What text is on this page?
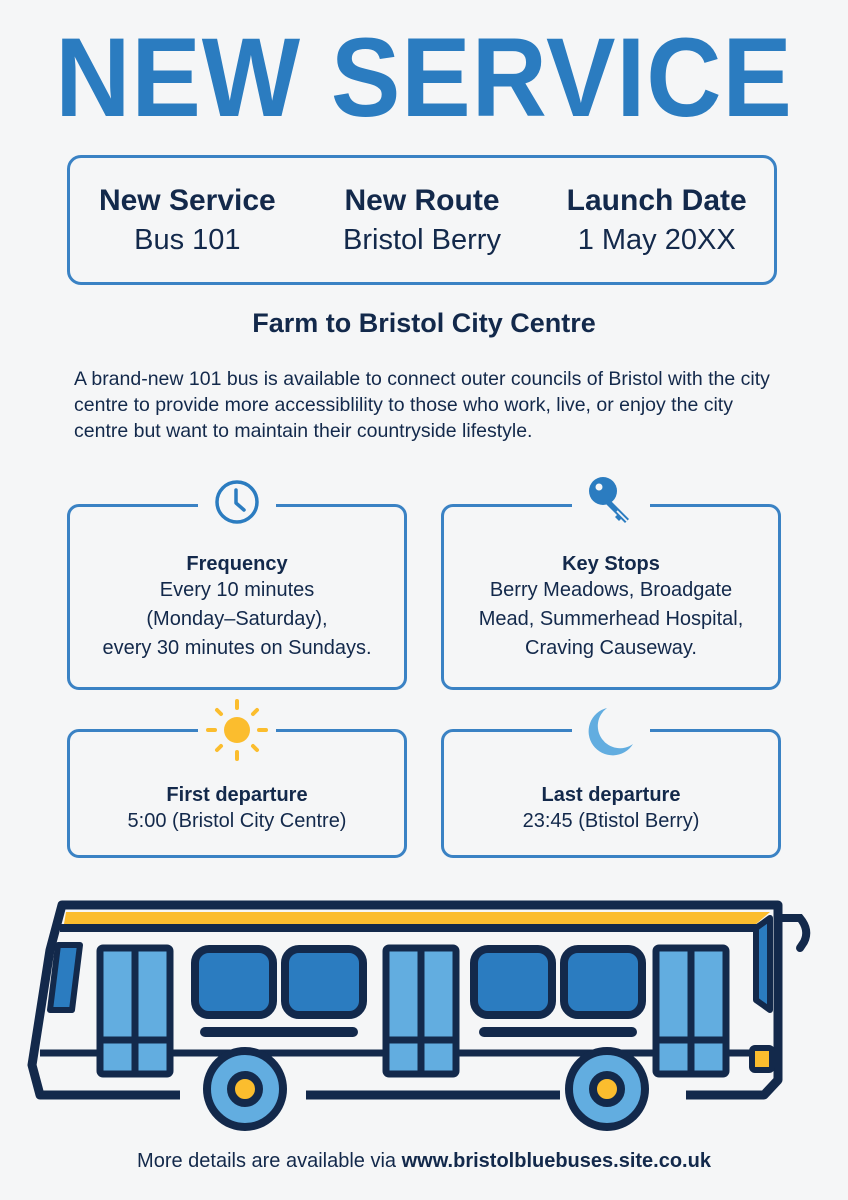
NEW SERVICE
New Service
Bus 101
New Route
Bristol Berry
Launch Date
1 May 20XX
Farm to Bristol City Centre
A brand-new 101 bus is available to connect outer councils of Bristol with the city centre to provide more accessiblility to those who work, live, or enjoy the city centre but want to maintain their countryside lifestyle.
Frequency
Every 10 minutes
(Monday–Saturday),
every 30 minutes on Sundays.
Key Stops
Berry Meadows, Broadgate
Mead, Summerhead Hospital,
Craving Causeway.
First departure
5:00 (Bristol City Centre)
Last departure
23:45 (Btistol Berry)
More details are available via www.bristolbluebuses.site.co.uk
